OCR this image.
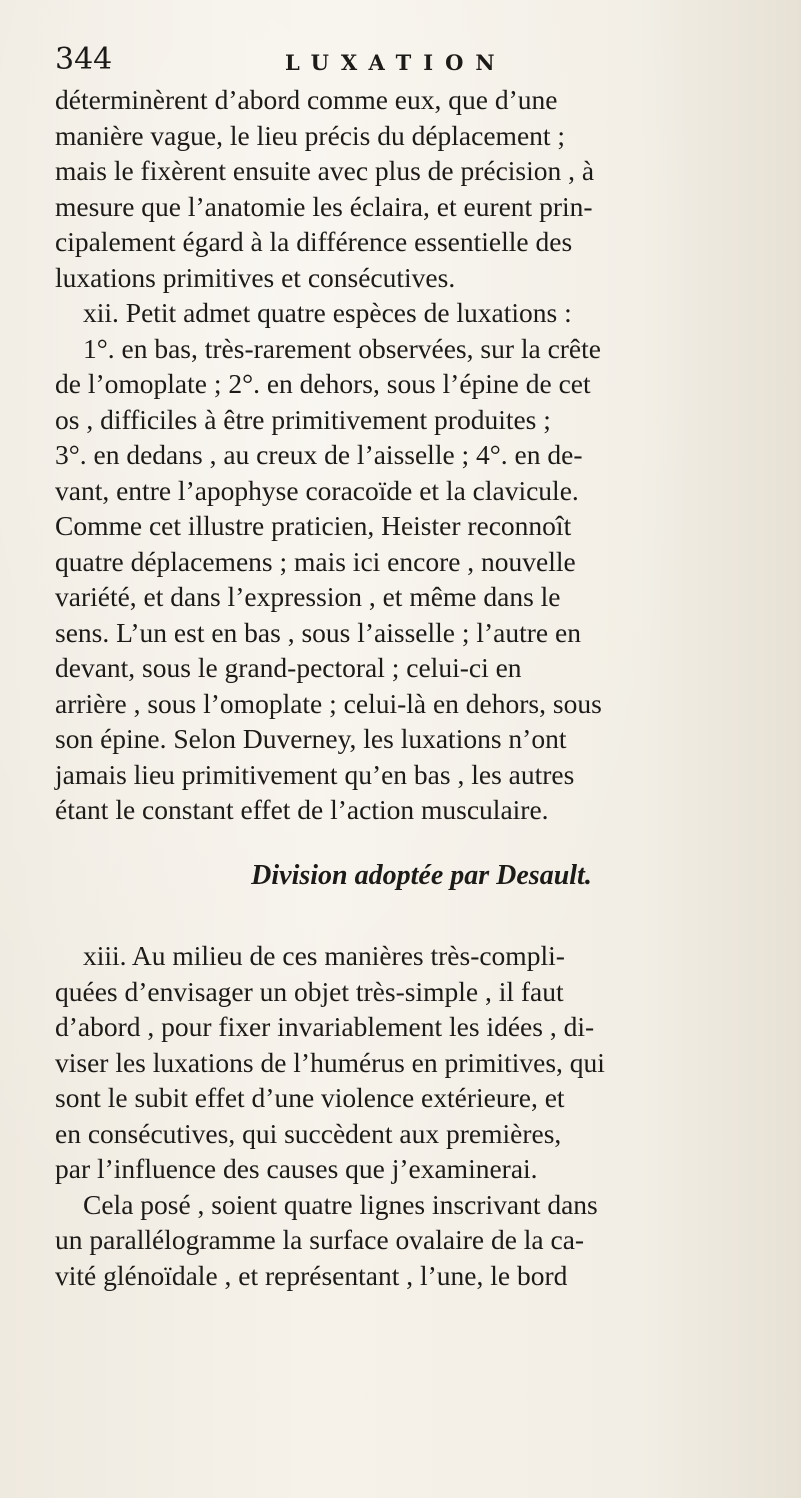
344	LUXATION
déterminèrent d’abord comme eux, que d’une
manière vague, le lieu précis du déplacement ;
mais le fixèrent ensuite avec plus de précision , à
mesure que l’anatomie les éclaira, et eurent prin-
cipalement égard à la différence essentielle des
luxations primitives et consécutives.
xii. Petit admet quatre espèces de luxations :
1°. en bas, très-rarement observées, sur la crête
de l’omoplate ; 2°. en dehors, sous l’épine de cet
os , difficiles à être primitivement produites ;
3°. en dedans , au creux de l’aisselle ; 4°. en de-
vant, entre l’apophyse coracoïde et la clavicule.
Comme cet illustre praticien, Heister reconnoît
quatre déplacemens ; mais ici encore , nouvelle
variété, et dans l’expression , et même dans le
sens. L’un est en bas , sous l’aisselle ; l’autre en
devant, sous le grand-pectoral ; celui-ci en
arrière , sous l’omoplate ; celui-là en dehors, sous
son épine. Selon Duverney, les luxations n’ont
jamais lieu primitivement qu’en bas , les autres
étant le constant effet de l’action musculaire.
Division adoptée par Desault.
xiii. Au milieu de ces manières très-compli-
quées d’envisager un objet très-simple , il faut
d’abord , pour fixer invariablement les idées , di-
viser les luxations de l’humérus en primitives, qui
sont le subit effet d’une violence extérieure, et
en consécutives, qui succèdent aux premières,
par l’influence des causes que j’examinerai.
Cela posé , soient quatre lignes inscrivant dans
un parallélogramme la surface ovalaire de la ca-
vité glénoïdale , et représentant , l’une, le bord
